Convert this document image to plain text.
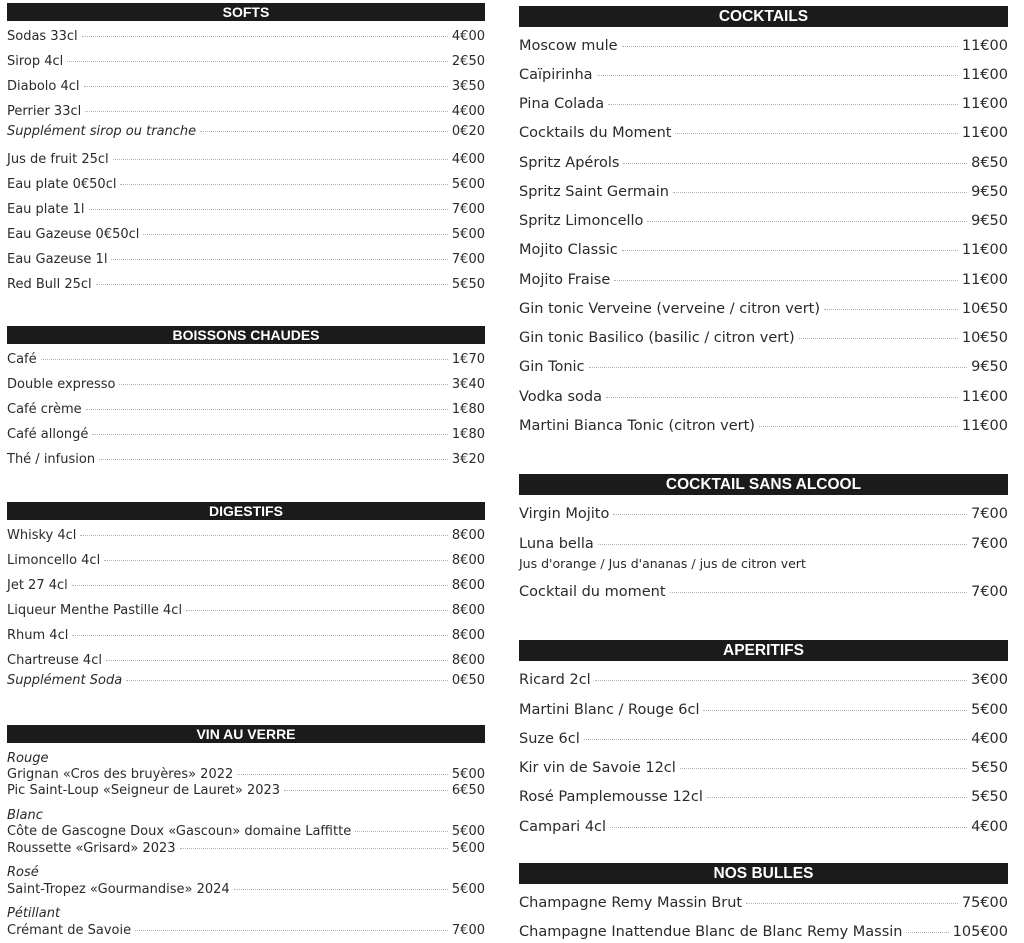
SOFTS
Sodas 33cl	4€00
Sirop 4cl	2€50
Diabolo 4cl	3€50
Perrier 33cl	4€00
Supplément sirop ou tranche	0€20
Jus de fruit 25cl	4€00
Eau plate 0€50cl	5€00
Eau plate 1l	7€00
Eau Gazeuse 0€50cl	5€00
Eau Gazeuse 1l	7€00
Red Bull 25cl	5€50
BOISSONS CHAUDES
Café	1€70
Double expresso	3€40
Café crème	1€80
Café allongé	1€80
Thé / infusion	3€20
DIGESTIFS
Whisky 4cl	8€00
Limoncello 4cl	8€00
Jet 27 4cl	8€00
Liqueur Menthe Pastille 4cl	8€00
Rhum 4cl	8€00
Chartreuse 4cl	8€00
Supplément Soda	0€50
VIN AU VERRE
Rouge
Grignan «Cros des bruyères» 2022	5€00
Pic Saint-Loup «Seigneur de Lauret» 2023	6€50
Blanc
Côte de Gascogne Doux «Gascoun» domaine Laffitte	5€00
Roussette «Grisard» 2023	5€00
Rosé
Saint-Tropez «Gourmandise» 2024	5€00
Pétillant
Crémant de Savoie	7€00
COCKTAILS
Moscow mule	11€00
Caïpirinha	11€00
Pina Colada	11€00
Cocktails du Moment	11€00
Spritz Apérols	8€50
Spritz Saint Germain	9€50
Spritz Limoncello	9€50
Mojito Classic	11€00
Mojito Fraise	11€00
Gin tonic Verveine (verveine / citron vert)	10€50
Gin tonic Basilico (basilic / citron vert)	10€50
Gin Tonic	9€50
Vodka soda	11€00
Martini Bianca Tonic (citron vert)	11€00
COCKTAIL SANS ALCOOL
Virgin Mojito	7€00
Luna bella	7€00
Jus d'orange / Jus d'ananas / jus de citron vert
Cocktail du moment	7€00
APERITIFS
Ricard 2cl	3€00
Martini Blanc / Rouge 6cl	5€00
Suze 6cl	4€00
Kir vin de Savoie 12cl	5€50
Rosé Pamplemousse 12cl	5€50
Campari 4cl	4€00
NOS BULLES
Champagne Remy Massin Brut	75€00
Champagne Inattendue Blanc de Blanc Remy Massin	105€00
